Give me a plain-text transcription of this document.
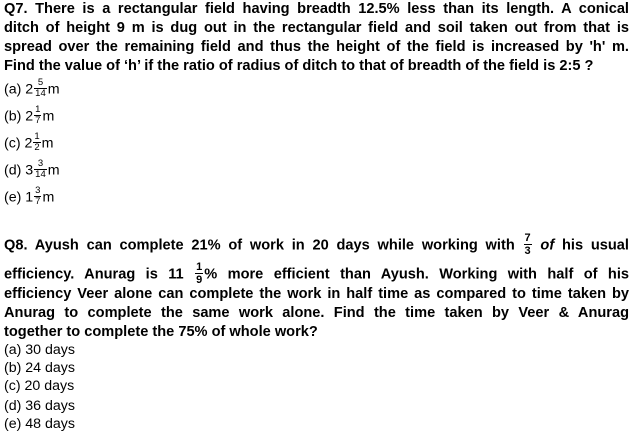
Q7. There is a rectangular field having breadth 12.5% less than its length. A conical
ditch of height 9 m is dug out in the rectangular field and soil taken out from that is
spread over the remaining field and thus the height of the field is increased by 'h' m.
Find the value of ‘h’ if the ratio of radius of ditch to that of breadth of the field is 2:5 ?
(a) $2 \frac{5}{14}$ m
(b) $2 \frac{1}{7}$ m
(c) $2 \frac{1}{2}$ m
(d) $3 \frac{3}{14}$ m
(e) $1 \frac{3}{7}$ m
Q8. Ayush can complete 21% of work in 20 days while working with $\frac{7}{3}$ of his usual
efficiency. Anurag is $11 \frac{1}{9}$ % more efficient than Ayush. Working with half of his
efficiency Veer alone can complete the work in half time as compared to time taken by
Anurag to complete the same work alone. Find the time taken by Veer & Anurag
together to complete the 75% of whole work?
(a) 30 days
(b) 24 days
(c) 20 days
(d) 36 days
(e) 48 days
